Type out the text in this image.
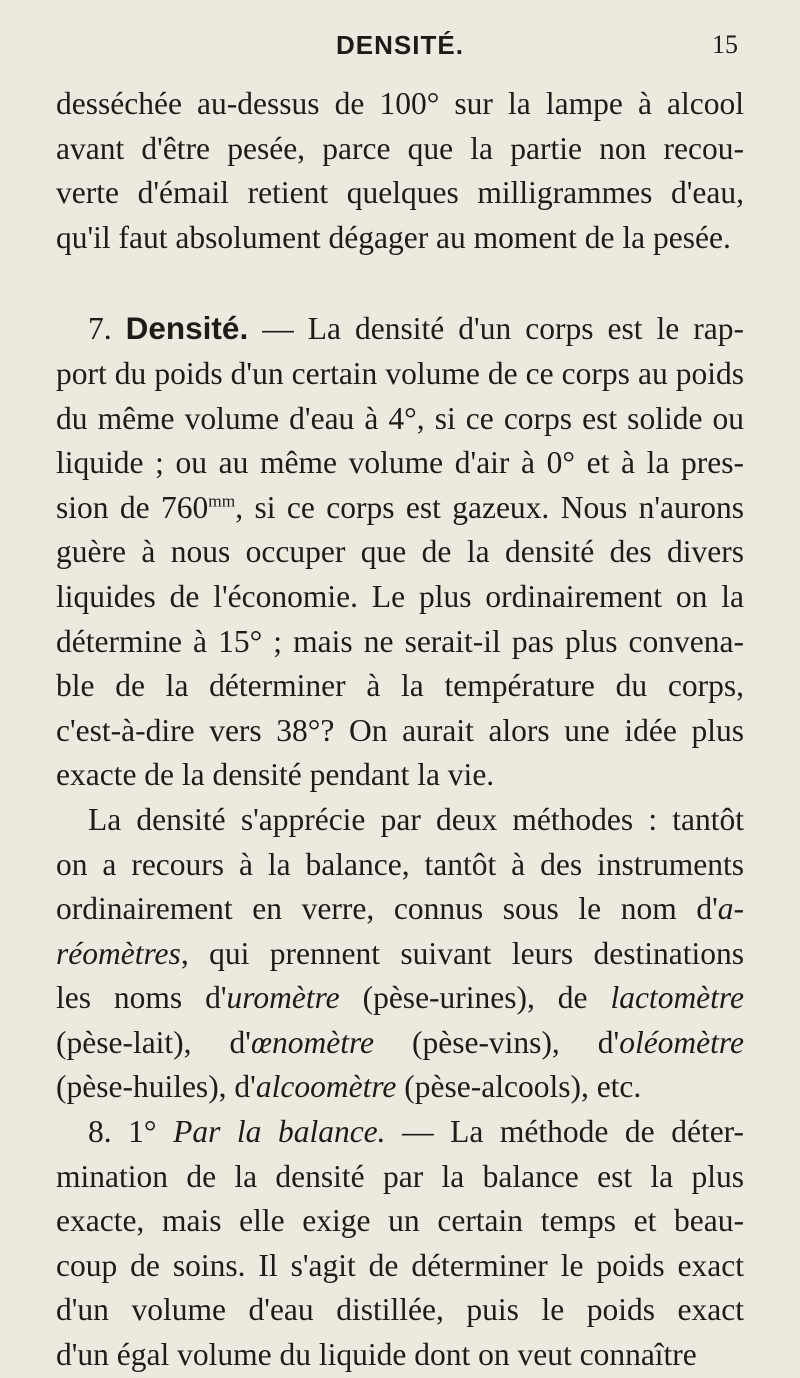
DENSITÉ.	15

desséchée au-dessus de 100° sur la lampe à alcool
avant d'être pesée, parce que la partie non recou-
verte d'émail retient quelques milligrammes d'eau,
qu'il faut absolument dégager au moment de la pesée.

7. Densité. — La densité d'un corps est le rap-
port du poids d'un certain volume de ce corps au poids
du même volume d'eau à 4°, si ce corps est solide ou
liquide ; ou au même volume d'air à 0° et à la pres-
sion de $760^{mm}$, si ce corps est gazeux. Nous n'aurons
guère à nous occuper que de la densité des divers
liquides de l'économie. Le plus ordinairement on la
détermine à 15° ; mais ne serait-il pas plus convena-
ble de la déterminer à la température du corps,
c'est-à-dire vers 38°? On aurait alors une idée plus
exacte de la densité pendant la vie.

La densité s'apprécie par deux méthodes : tantôt
on a recours à la balance, tantôt à des instruments
ordinairement en verre, connus sous le nom d'a-
réomètres, qui prennent suivant leurs destinations
les noms d'uromètre (pèse-urines), de lactomètre
(pèse-lait), d'œnomètre (pèse-vins), d'oléomètre
(pèse-huiles), d'alcoomètre (pèse-alcools), etc.

8. 1° Par la balance. — La méthode de déter-
mination de la densité par la balance est la plus
exacte, mais elle exige un certain temps et beau-
coup de soins. Il s'agit de déterminer le poids exact
d'un volume d'eau distillée, puis le poids exact
d'un égal volume du liquide dont on veut connaître
